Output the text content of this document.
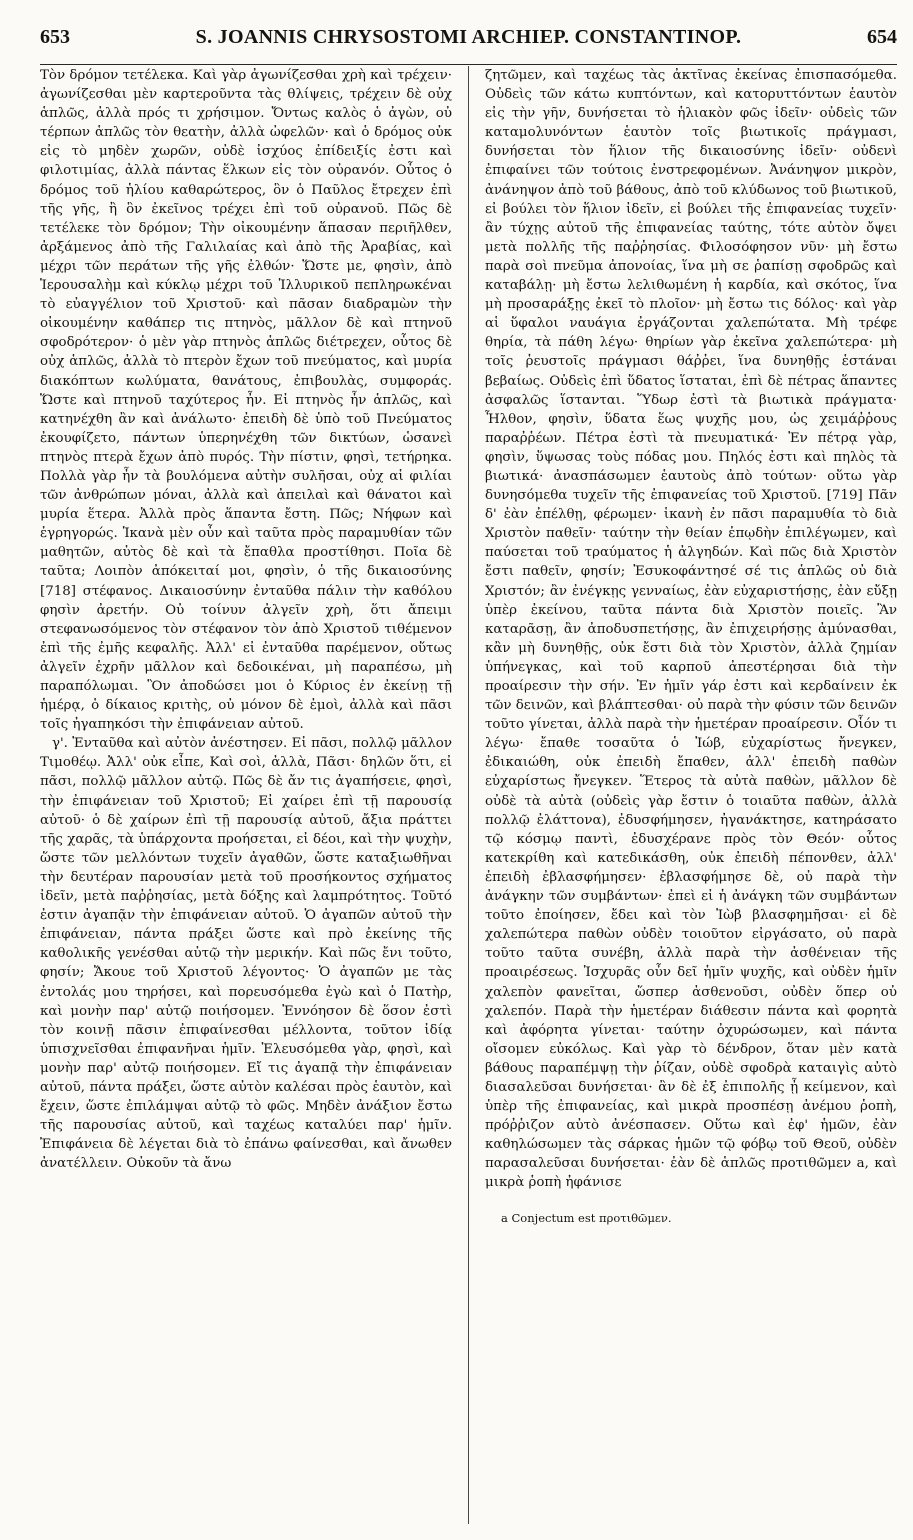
653	S. JOANNIS CHRYSOSTOMI ARCHIEP. CONSTANTINOP.	654

Τὸν δρόμον τετέλεκα. Καὶ γὰρ ἀγωνίζεσθαι χρὴ καὶ τρέχειν· ἀγωνίζεσθαι μὲν καρτεροῦντα τὰς θλίψεις, τρέχειν δὲ οὐχ ἁπλῶς, ἀλλὰ πρός τι χρήσιμον. Ὄντως καλὸς ὁ ἀγὼν, οὐ τέρπων ἁπλῶς τὸν θεατὴν, ἀλλὰ ὠφελῶν· καὶ ὁ δρόμος οὐκ εἰς τὸ μηδὲν χωρῶν, οὐδὲ ἰσχύος ἐπίδειξίς ἐστι καὶ φιλοτιμίας, ἀλλὰ πάντας ἕλκων εἰς τὸν οὐρανόν. Οὗτος ὁ δρόμος τοῦ ἡλίου καθαρώτερος, ὃν ὁ Παῦλος ἔτρεχεν ἐπὶ τῆς γῆς, ἢ ὃν ἐκεῖνος τρέχει ἐπὶ τοῦ οὐρανοῦ. Πῶς δὲ τετέλεκε τὸν δρόμον; Τὴν οἰκουμένην ἅπασαν περιῆλθεν, ἀρξάμενος ἀπὸ τῆς Γαλιλαίας καὶ ἀπὸ τῆς Ἀραβίας, καὶ μέχρι τῶν περάτων τῆς γῆς ἐλθών· Ὥστε με, φησὶν, ἀπὸ Ἱερουσαλὴμ καὶ κύκλῳ μέχρι τοῦ Ἰλλυρικοῦ πεπληρωκέναι τὸ εὐαγγέλιον τοῦ Χριστοῦ· καὶ πᾶσαν διαδραμὼν τὴν οἰκουμένην καθάπερ τις πτηνὸς, μᾶλλον δὲ καὶ πτηνοῦ σφοδρότερον· ὁ μὲν γὰρ πτηνὸς ἁπλῶς διέτρεχεν, οὗτος δὲ οὐχ ἁπλῶς, ἀλλὰ τὸ πτερὸν ἔχων τοῦ πνεύματος, καὶ μυρία διακόπτων κωλύματα, θανάτους, ἐπιβουλὰς, συμφοράς. Ὥστε καὶ πτηνοῦ ταχύτερος ἦν. Εἰ πτηνὸς ἦν ἁπλῶς, καὶ κατηνέχθη ἂν καὶ ἀνάλωτο· ἐπειδὴ δὲ ὑπὸ τοῦ Πνεύματος ἐκουφίζετο, πάντων ὑπερηνέχθη τῶν δικτύων, ὡσανεὶ πτηνὸς πτερὰ ἔχων ἀπὸ πυρός. Τὴν πίστιν, φησὶ, τετήρηκα. Πολλὰ γὰρ ἦν τὰ βουλόμενα αὐτὴν συλῆσαι, οὐχ αἱ φιλίαι τῶν ἀνθρώπων μόναι, ἀλλὰ καὶ ἀπειλαὶ καὶ θάνατοι καὶ μυρία ἕτερα. Ἀλλὰ πρὸς ἅπαντα ἔστη. Πῶς; Νήφων καὶ ἐγρηγορώς. Ἱκανὰ μὲν οὖν καὶ ταῦτα πρὸς παραμυθίαν τῶν μαθητῶν, αὐτὸς δὲ καὶ τὰ ἔπαθλα προστίθησι. Ποῖα δὲ ταῦτα; Λοιπὸν ἀπόκειταί μοι, φησὶν, ὁ τῆς δικαιοσύνης [718] στέφανος. Δικαιοσύνην ἐνταῦθα πάλιν τὴν καθόλου φησὶν ἀρετήν. Οὐ τοίνυν ἀλγεῖν χρὴ, ὅτι ἄπειμι στεφανωσόμενος τὸν στέφανον τὸν ἀπὸ Χριστοῦ τιθέμενον ἐπὶ τῆς ἐμῆς κεφαλῆς. Ἀλλ' εἰ ἐνταῦθα παρέμενον, οὕτως ἀλγεῖν ἐχρῆν μᾶλλον καὶ δεδοικέναι, μὴ παραπέσω, μὴ παραπόλωμαι. Ὃν ἀποδώσει μοι ὁ Κύριος ἐν ἐκείνῃ τῇ ἡμέρᾳ, ὁ δίκαιος κριτὴς, οὐ μόνον δὲ ἐμοὶ, ἀλλὰ καὶ πᾶσι τοῖς ἠγαπηκόσι τὴν ἐπιφάνειαν αὐτοῦ.

γ'. Ἐνταῦθα καὶ αὐτὸν ἀνέστησεν. Εἰ πᾶσι, πολλῷ μᾶλλον Τιμοθέῳ. Ἀλλ' οὐκ εἶπε, Καὶ σοὶ, ἀλλὰ, Πᾶσι· δηλῶν ὅτι, εἰ πᾶσι, πολλῷ μᾶλλον αὐτῷ. Πῶς δὲ ἄν τις ἀγαπήσειε, φησὶ, τὴν ἐπιφάνειαν τοῦ Χριστοῦ; Εἰ χαίρει ἐπὶ τῇ παρουσίᾳ αὐτοῦ· ὁ δὲ χαίρων ἐπὶ τῇ παρουσίᾳ αὐτοῦ, ἄξια πράττει τῆς χαρᾶς, τὰ ὑπάρχοντα προήσεται, εἰ δέοι, καὶ τὴν ψυχὴν, ὥστε τῶν μελλόντων τυχεῖν ἀγαθῶν, ὥστε καταξιωθῆναι τὴν δευτέραν παρουσίαν μετὰ τοῦ προσήκοντος σχήματος ἰδεῖν, μετὰ παῤῥησίας, μετὰ δόξης καὶ λαμπρότητος. Τοῦτό ἐστιν ἀγαπᾷν τὴν ἐπιφάνειαν αὐτοῦ. Ὁ ἀγαπῶν αὐτοῦ τὴν ἐπιφάνειαν, πάντα πράξει ὥστε καὶ πρὸ ἐκείνης τῆς καθολικῆς γενέσθαι αὐτῷ τὴν μερικήν. Καὶ πῶς ἔνι τοῦτο, φησίν; Ἄκουε τοῦ Χριστοῦ λέγοντος· Ὁ ἀγαπῶν με τὰς ἐντολάς μου τηρήσει, καὶ πορευσόμεθα ἐγὼ καὶ ὁ Πατὴρ, καὶ μονὴν παρ' αὐτῷ ποιήσομεν. Ἐννόησον δὲ ὅσον ἐστὶ τὸν κοινῇ πᾶσιν ἐπιφαίνεσθαι μέλλοντα, τοῦτον ἰδίᾳ ὑπισχνεῖσθαι ἐπιφανῆναι ἡμῖν. Ἐλευσόμεθα γὰρ, φησὶ, καὶ μονὴν παρ' αὐτῷ ποιήσομεν. Εἴ τις ἀγαπᾷ τὴν ἐπιφάνειαν αὐτοῦ, πάντα πράξει, ὥστε αὐτὸν καλέσαι πρὸς ἑαυτὸν, καὶ ἔχειν, ὥστε ἐπιλάμψαι αὐτῷ τὸ φῶς. Μηδὲν ἀνάξιον ἔστω τῆς παρουσίας αὐτοῦ, καὶ ταχέως καταλύει παρ' ἡμῖν. Ἐπιφάνεια δὲ λέγεται διὰ τὸ ἐπάνω φαίνεσθαι, καὶ ἄνωθεν ἀνατέλλειν. Οὐκοῦν τὰ ἄνω

ζητῶμεν, καὶ ταχέως τὰς ἀκτῖνας ἐκείνας ἐπισπασόμεθα. Οὐδεὶς τῶν κάτω κυπτόντων, καὶ κατορυττόντων ἑαυτὸν εἰς τὴν γῆν, δυνήσεται τὸ ἡλιακὸν φῶς ἰδεῖν· οὐδεὶς τῶν καταμολυνόντων ἑαυτὸν τοῖς βιωτικοῖς πράγμασι, δυνήσεται τὸν ἥλιον τῆς δικαιοσύνης ἰδεῖν· οὐδενὶ ἐπιφαίνει τῶν τούτοις ἐνστρεφομένων. Ἀνάνηψον μικρὸν, ἀνάνηψον ἀπὸ τοῦ βάθους, ἀπὸ τοῦ κλύδωνος τοῦ βιωτικοῦ, εἰ βούλει τὸν ἥλιον ἰδεῖν, εἰ βούλει τῆς ἐπιφανείας τυχεῖν· ἂν τύχῃς αὐτοῦ τῆς ἐπιφανείας ταύτης, τότε αὐτὸν ὄψει μετὰ πολλῆς τῆς παῤῥησίας. Φιλοσόφησον νῦν· μὴ ἔστω παρὰ σοὶ πνεῦμα ἀπονοίας, ἵνα μὴ σε ῥαπίσῃ σφοδρῶς καὶ καταβάλῃ· μὴ ἔστω λελιθωμένη ἡ καρδία, καὶ σκότος, ἵνα μὴ προσαράξῃς ἐκεῖ τὸ πλοῖον· μὴ ἔστω τις δόλος· καὶ γὰρ αἱ ὕφαλοι ναυάγια ἐργάζονται χαλεπώτατα. Μὴ τρέφε θηρία, τὰ πάθη λέγω· θηρίων γὰρ ἐκεῖνα χαλεπώτερα· μὴ τοῖς ῥευστοῖς πράγμασι θάῤῥει, ἵνα δυνηθῇς ἑστάναι βεβαίως. Οὐδεὶς ἐπὶ ὕδατος ἵσταται, ἐπὶ δὲ πέτρας ἅπαντες ἀσφαλῶς ἵστανται. Ὕδωρ ἐστὶ τὰ βιωτικὰ πράγματα· Ἦλθον, φησὶν, ὕδατα ἕως ψυχῆς μου, ὡς χειμάῤῥους παραῤῥέων. Πέτρα ἐστὶ τὰ πνευματικά· Ἐν πέτρᾳ γὰρ, φησὶν, ὕψωσας τοὺς πόδας μου. Πηλός ἐστι καὶ πηλὸς τὰ βιωτικά· ἀνασπάσωμεν ἑαυτοὺς ἀπὸ τούτων· οὕτω γὰρ δυνησόμεθα τυχεῖν τῆς ἐπιφανείας τοῦ Χριστοῦ. [719] Πᾶν δ' ἐὰν ἐπέλθῃ, φέρωμεν· ἱκανὴ ἐν πᾶσι παραμυθία τὸ διὰ Χριστὸν παθεῖν· ταύτην τὴν θείαν ἐπῳδὴν ἐπιλέγωμεν, καὶ παύσεται τοῦ τραύματος ἡ ἀλγηδών. Καὶ πῶς διὰ Χριστὸν ἔστι παθεῖν, φησίν; Ἐσυκοφάντησέ σέ τις ἁπλῶς οὐ διὰ Χριστόν; ἂν ἐνέγκῃς γενναίως, ἐὰν εὐχαριστήσῃς, ἐὰν εὔξῃ ὑπὲρ ἐκείνου, ταῦτα πάντα διὰ Χριστὸν ποιεῖς. Ἂν καταρᾶσῃ, ἂν ἀποδυσπετήσῃς, ἂν ἐπιχειρήσῃς ἀμύνασθαι, κἂν μὴ δυνηθῇς, οὐκ ἔστι διὰ τὸν Χριστὸν, ἀλλὰ ζημίαν ὑπήνεγκας, καὶ τοῦ καρποῦ ἀπεστέρησαι διὰ τὴν προαίρεσιν τὴν σήν. Ἐν ἡμῖν γάρ ἐστι καὶ κερδαίνειν ἐκ τῶν δεινῶν, καὶ βλάπτεσθαι· οὐ παρὰ τὴν φύσιν τῶν δεινῶν τοῦτο γίνεται, ἀλλὰ παρὰ τὴν ἡμετέραν προαίρεσιν. Οἷόν τι λέγω· ἔπαθε τοσαῦτα ὁ Ἰώβ, εὐχαρίστως ἤνεγκεν, ἐδικαιώθη, οὐκ ἐπειδὴ ἔπαθεν, ἀλλ' ἐπειδὴ παθὼν εὐχαρίστως ἤνεγκεν. Ἕτερος τὰ αὐτὰ παθὼν, μᾶλλον δὲ οὐδὲ τὰ αὐτὰ (οὐδεὶς γὰρ ἔστιν ὁ τοιαῦτα παθὼν, ἀλλὰ πολλῷ ἐλάττονα), ἐδυσφήμησεν, ἠγανάκτησε, κατηράσατο τῷ κόσμῳ παντὶ, ἐδυσχέρανε πρὸς τὸν Θεόν· οὗτος κατεκρίθη καὶ κατεδικάσθη, οὐκ ἐπειδὴ πέπονθεν, ἀλλ' ἐπειδὴ ἐβλασφήμησεν· ἐβλασφήμησε δὲ, οὐ παρὰ τὴν ἀνάγκην τῶν συμβάντων· ἐπεὶ εἰ ἡ ἀνάγκη τῶν συμβάντων τοῦτο ἐποίησεν, ἔδει καὶ τὸν Ἰὼβ βλασφημῆσαι· εἰ δὲ χαλεπώτερα παθὼν οὐδὲν τοιοῦτον εἰργάσατο, οὐ παρὰ τοῦτο ταῦτα συνέβη, ἀλλὰ παρὰ τὴν ἀσθένειαν τῆς προαιρέσεως. Ἰσχυρᾶς οὖν δεῖ ἡμῖν ψυχῆς, καὶ οὐδὲν ἡμῖν χαλεπὸν φανεῖται, ὥσπερ ἀσθενοῦσι, οὐδὲν ὅπερ οὐ χαλεπόν. Παρὰ τὴν ἡμετέραν διάθεσιν πάντα καὶ φορητὰ καὶ ἀφόρητα γίνεται· ταύτην ὀχυρώσωμεν, καὶ πάντα οἴσομεν εὐκόλως. Καὶ γὰρ τὸ δένδρον, ὅταν μὲν κατὰ βάθους παραπέμψῃ τὴν ῥίζαν, οὐδὲ σφοδρὰ καταιγὶς αὐτὸ διασαλεῦσαι δυνήσεται· ἂν δὲ ἐξ ἐπιπολῆς ᾖ κείμενον, καὶ ὑπὲρ τῆς ἐπιφανείας, καὶ μικρὰ προσπέσῃ ἀνέμου ῥοπὴ, πρόῤῥιζον αὐτὸ ἀνέσπασεν. Οὕτω καὶ ἐφ' ἡμῶν, ἐὰν καθηλώσωμεν τὰς σάρκας ἡμῶν τῷ φόβῳ τοῦ Θεοῦ, οὐδὲν παρασαλεῦσαι δυνήσεται· ἐὰν δὲ ἁπλῶς προτιθῶμεν a, καὶ μικρὰ ῥοπὴ ἠφάνισε

a Conjectum est προτιθῶμεν.
